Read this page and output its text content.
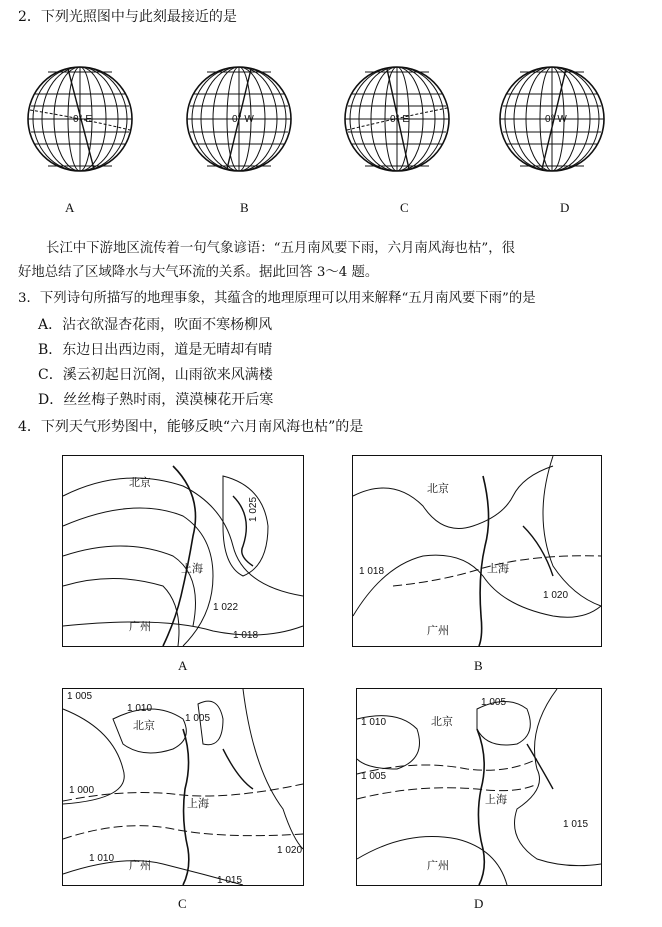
2．下列光照图中与此刻最接近的是
0° E	0° W	0° E	0° W
A	B	C	D
长江中下游地区流传着一句气象谚语：“五月南风要下雨，六月南风海也枯”，很
好地总结了区域降水与大气环流的关系。据此回答 3～4 题。
3．下列诗句所描写的地理事象，其蕴含的地理原理可以用来解释“五月南风要下雨”的是
A．沾衣欲湿杏花雨，吹面不寒杨柳风
B．东边日出西边雨，道是无晴却有晴
C．溪云初起日沉阁，山雨欲来风满楼
D．丝丝梅子熟时雨，漠漠楝花开后寒
4．下列天气形势图中，能够反映“六月南风海也枯”的是
北京
上海
广州
1 025
1 022
1 018
A
北京
上海
广州
1 018
1 020
B
1 005
1 010
1 005
1 000
1 010
1 020
1 015
北京
上海
广州
C
1 010
1 005
1 005
1 015
北京
上海
广州
D
